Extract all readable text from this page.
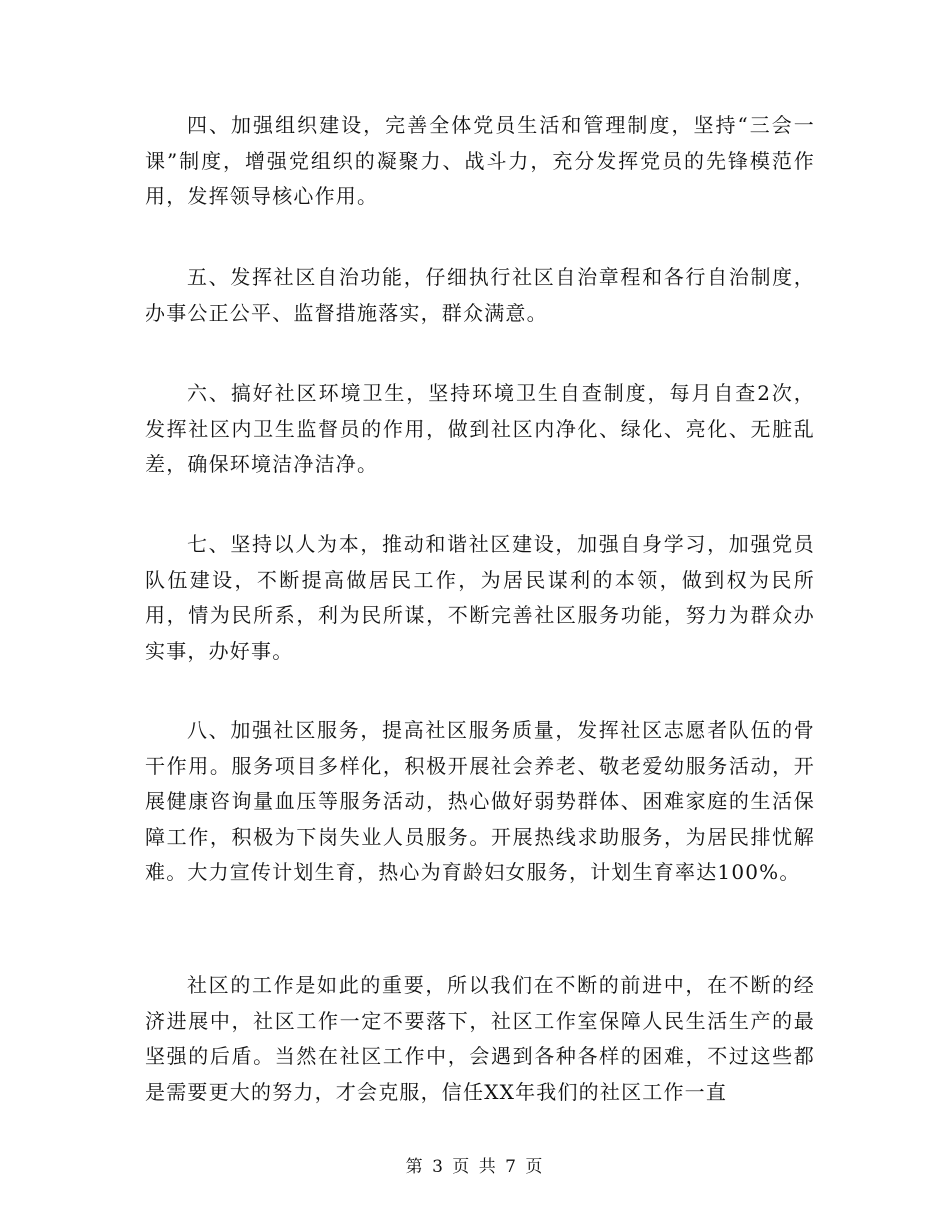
四、加强组织建设，完善全体党员生活和管理制度，坚持“三会一课”制度，增强党组织的凝聚力、战斗力，充分发挥党员的先锋模范作用，发挥领导核心作用。

五、发挥社区自治功能，仔细执行社区自治章程和各行自治制度，办事公正公平、监督措施落实，群众满意。

六、搞好社区环境卫生，坚持环境卫生自查制度，每月自查2次，发挥社区内卫生监督员的作用，做到社区内净化、绿化、亮化、无脏乱差，确保环境洁净洁净。

七、坚持以人为本，推动和谐社区建设，加强自身学习，加强党员队伍建设，不断提高做居民工作，为居民谋利的本领，做到权为民所用，情为民所系，利为民所谋，不断完善社区服务功能，努力为群众办实事，办好事。

八、加强社区服务，提高社区服务质量，发挥社区志愿者队伍的骨干作用。服务项目多样化，积极开展社会养老、敬老爱幼服务活动，开展健康咨询量血压等服务活动，热心做好弱势群体、困难家庭的生活保障工作，积极为下岗失业人员服务。开展热线求助服务，为居民排忧解难。大力宣传计划生育，热心为育龄妇女服务，计划生育率达100%。

社区的工作是如此的重要，所以我们在不断的前进中，在不断的经济进展中，社区工作一定不要落下，社区工作室保障人民生活生产的最坚强的后盾。当然在社区工作中，会遇到各种各样的困难，不过这些都是需要更大的努力，才会克服，信任XX年我们的社区工作一直

第 3 页 共 7 页
